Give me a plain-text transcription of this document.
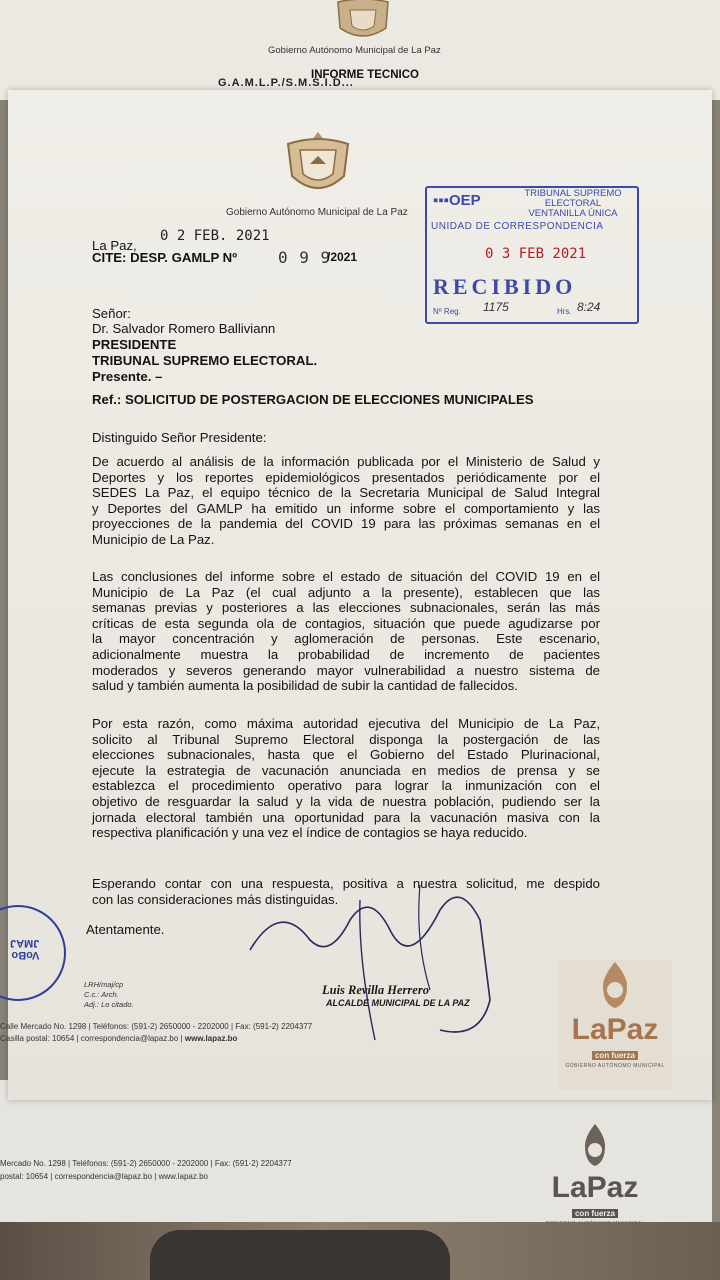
Gobierno Autónomo Municipal de La Paz
INFORME TECNICO
G.A.M.L.P./S.M.S.I.D...
Mercado No. 1298 | Teléfonos: (591-2) 2650000 - 2202000 | Fax: (591-2) 2204377
postal: 10654 | correspondencia@lapaz.bo | www.lapaz.bo	LaPaz
con fuerza
Gobierno Autónomo Municipal de La Paz
▪▪▪OEP	TRIBUNAL SUPREMO ELECTORAL
VENTANILLA ÚNICA
UNIDAD DE CORRESPONDENCIA
0 3 FEB 2021
RECIBIDO
Nº Reg. 1175	Hrs. 8:24
La Paz,
0 2 FEB. 2021
CITE: DESP. GAMLP Nº	0 9 9
/2021
Señor:
Dr. Salvador Romero Balliviann
PRESIDENTE
TRIBUNAL SUPREMO ELECTORAL.
Presente. –
Ref.: SOLICITUD DE POSTERGACION DE ELECCIONES MUNICIPALES
Distinguido Señor Presidente:
De acuerdo al análisis de la información publicada por el Ministerio de Salud y
Deportes y los reportes epidemiológicos presentados periódicamente por el
SEDES La Paz, el equipo técnico de la Secretaria Municipal de Salud Integral
y Deportes del GAMLP ha emitido un informe sobre el comportamiento y las
proyecciones de la pandemia del COVID 19 para las próximas semanas en el
Municipio de La Paz.
Las conclusiones del informe sobre el estado de situación del COVID 19 en el
Municipio de La Paz (el cual adjunto a la presente), establecen que las
semanas previas y posteriores a las elecciones subnacionales, serán las más
críticas de esta segunda ola de contagios, situación que puede agudizarse por
la mayor concentración y aglomeración de personas. Este escenario,
adicionalmente muestra la probabilidad de incremento de pacientes
moderados y severos generando mayor vulnerabilidad a nuestro sistema de
salud y también aumenta la posibilidad de subir la cantidad de fallecidos.
Por esta razón, como máxima autoridad ejecutiva del Municipio de La Paz,
solicito al Tribunal Supremo Electoral disponga la postergación de las
elecciones subnacionales, hasta que el Gobierno del Estado Plurinacional,
ejecute la estrategia de vacunación anunciada en medios de prensa y se
establezca el procedimiento operativo para lograr la inmunización con el
objetivo de resguardar la salud y la vida de nuestra población, pudiendo ser la
jornada electoral también una oportunidad para la vacunación masiva con la
respectiva planificación y una vez el índice de contagios se haya reducido.
Esperando contar con una respuesta, positiva a nuestra solicitud, me despido
con las consideraciones más distinguidas.
Atentamente.
VoBo
JMAJ
LRH/maj/cp
C.c.: Arch.
Adj.: Lo citado.
Luis Revilla Herrero
ALCALDE MUNICIPAL DE LA PAZ
Calle Mercado No. 1298 | Teléfonos: (591-2) 2650000 - 2202000 | Fax: (591-2) 2204377
Casilla postal: 10654 | correspondencia@lapaz.bo | www.lapaz.bo	LaPaz
con fuerza
GOBIERNO AUTÓNOMO MUNICIPAL
